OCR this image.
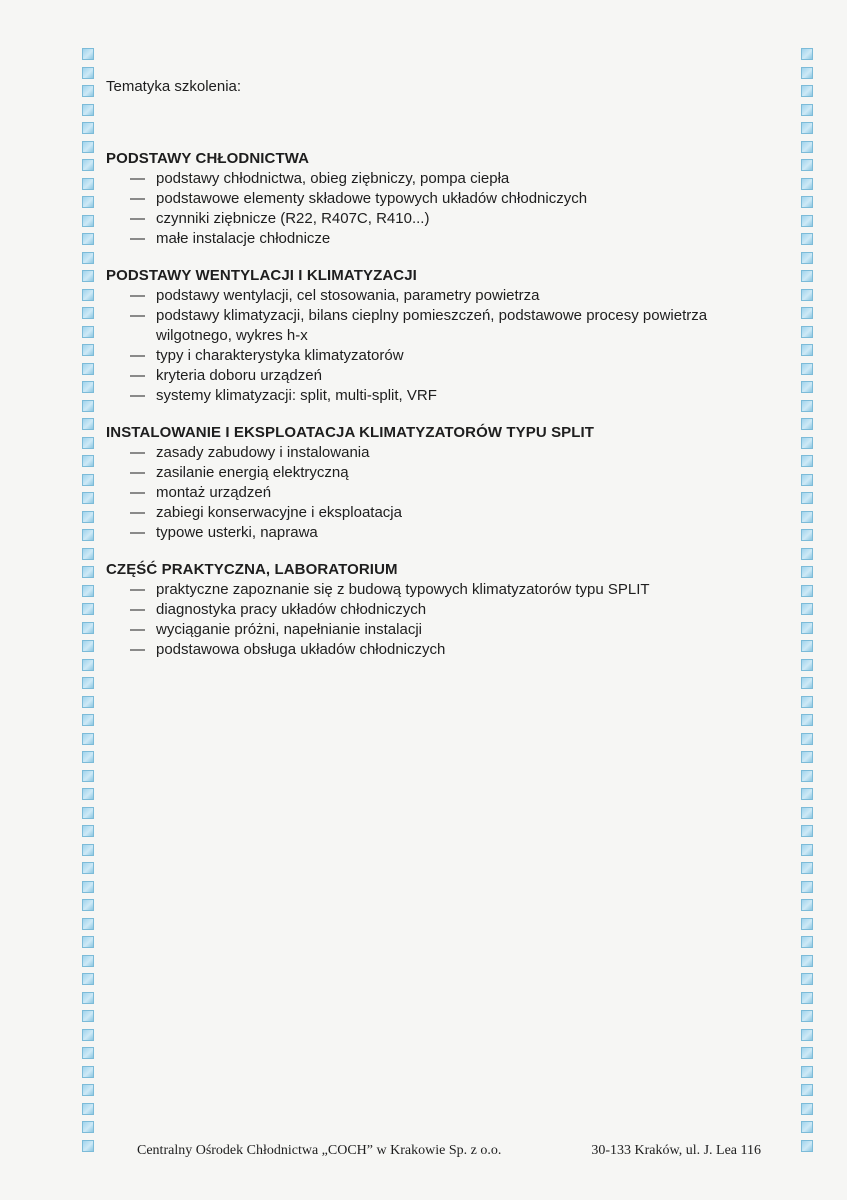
Tematyka szkolenia:

PODSTAWY CHŁODNICTWA

— podstawy chłodnictwa, obieg ziębniczy, pompa ciepła
— podstawowe elementy składowe typowych układów chłodniczych
— czynniki ziębnicze (R22, R407C, R410...)
— małe instalacje chłodnicze

PODSTAWY WENTYLACJI I KLIMATYZACJI

— podstawy wentylacji, cel stosowania, parametry powietrza
— podstawy klimatyzacji, bilans cieplny pomieszczeń, podstawowe procesy powietrza wilgotnego, wykres h-x
— typy i charakterystyka klimatyzatorów
— kryteria doboru urządzeń
— systemy klimatyzacji: split, multi-split, VRF

INSTALOWANIE I EKSPLOATACJA KLIMATYZATORÓW TYPU SPLIT

— zasady zabudowy i instalowania
— zasilanie energią elektryczną
— montaż urządzeń
— zabiegi konserwacyjne i eksploatacja
— typowe usterki, naprawa

CZĘŚĆ PRAKTYCZNA, LABORATORIUM

— praktyczne zapoznanie się z budową typowych klimatyzatorów typu SPLIT
— diagnostyka pracy układów chłodniczych
— wyciąganie próżni, napełnianie instalacji
— podstawowa obsługa układów chłodniczych
Centralny Ośrodek Chłodnictwa „COCH” w Krakowie Sp. z o.o.	30-133 Kraków, ul. J. Lea 116
